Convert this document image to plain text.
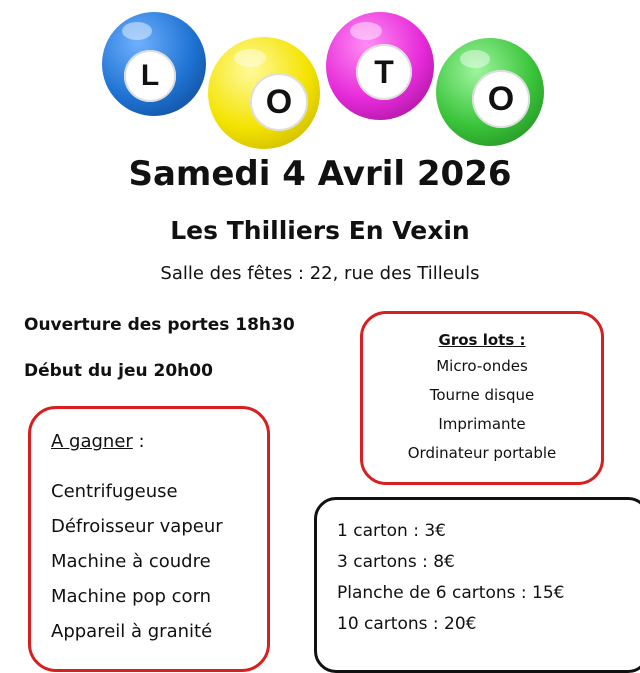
L
O
T
O
Samedi 4 Avril 2026
Les Thilliers En Vexin
Salle des fêtes : 22, rue des Tilleuls
Ouverture des portes 18h30
Début du jeu 20h00
Gros lots :
Micro-ondes
Tourne disque
Imprimante
Ordinateur portable
A gagner :
Centrifugeuse
Défroisseur vapeur
Machine à coudre
Machine pop corn
Appareil à granité
1 carton : 3€
3 cartons : 8€
Planche de 6 cartons : 15€
10 cartons : 20€
